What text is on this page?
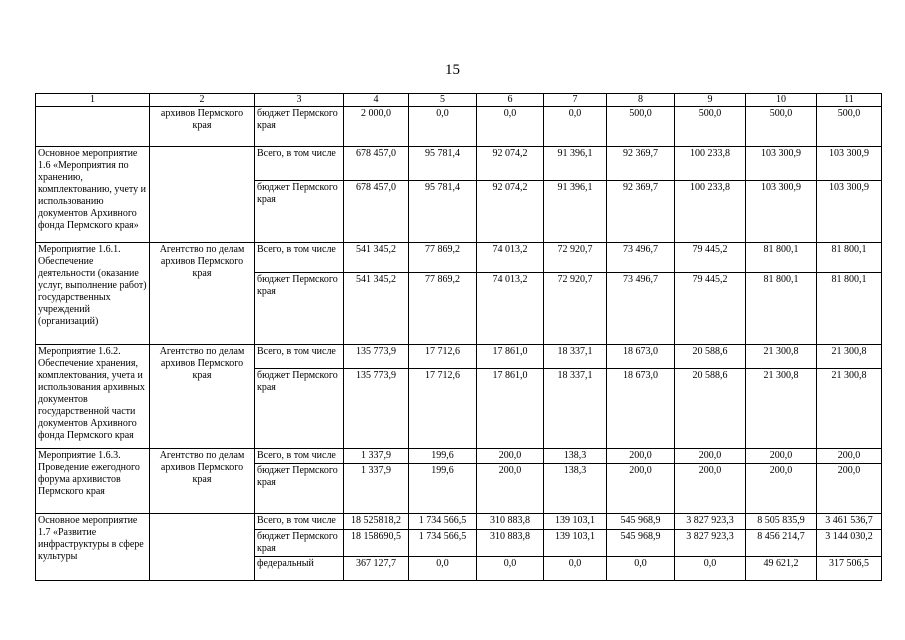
15
1	2	3	4	5	6	7	8	9	10	11
	архивов Пермского края	бюджет Пермского края	2 000,0	0,0	0,0	0,0	500,0	500,0	500,0	500,0
Основное мероприятие 1.6 «Мероприятия по хранению, комплектованию, учету и использованию документов Архивного фонда Пермского края»		Всего, в том числе	678 457,0	95 781,4	92 074,2	91 396,1	92 369,7	100 233,8	103 300,9	103 300,9
		бюджет Пермского края	678 457,0	95 781,4	92 074,2	91 396,1	92 369,7	100 233,8	103 300,9	103 300,9
Мероприятие 1.6.1. Обеспечение деятельности (оказание услуг, выполнение работ) государственных учреждений (организаций)	Агентство по делам архивов Пермского края	Всего, в том числе	541 345,2	77 869,2	74 013,2	72 920,7	73 496,7	79 445,2	81 800,1	81 800,1
		бюджет Пермского края	541 345,2	77 869,2	74 013,2	72 920,7	73 496,7	79 445,2	81 800,1	81 800,1
Мероприятие 1.6.2. Обеспечение хранения, комплектования, учета и использования архивных документов государственной части документов Архивного фонда Пермского края	Агентство по делам архивов Пермского края	Всего, в том числе	135 773,9	17 712,6	17 861,0	18 337,1	18 673,0	20 588,6	21 300,8	21 300,8
		бюджет Пермского края	135 773,9	17 712,6	17 861,0	18 337,1	18 673,0	20 588,6	21 300,8	21 300,8
Мероприятие 1.6.3. Проведение ежегодного форума архивистов Пермского края	Агентство по делам архивов Пермского края	Всего, в том числе	1 337,9	199,6	200,0	138,3	200,0	200,0	200,0	200,0
		бюджет Пермского края	1 337,9	199,6	200,0	138,3	200,0	200,0	200,0	200,0
Основное мероприятие 1.7 «Развитие инфраструктуры в сфере культуры		Всего, в том числе	18 525818,2	1 734 566,5	310 883,8	139 103,1	545 968,9	3 827 923,3	8 505 835,9	3 461 536,7
		бюджет Пермского края	18 158690,5	1 734 566,5	310 883,8	139 103,1	545 968,9	3 827 923,3	8 456 214,7	3 144 030,2
		федеральный	367 127,7	0,0	0,0	0,0	0,0	0,0	49 621,2	317 506,5
